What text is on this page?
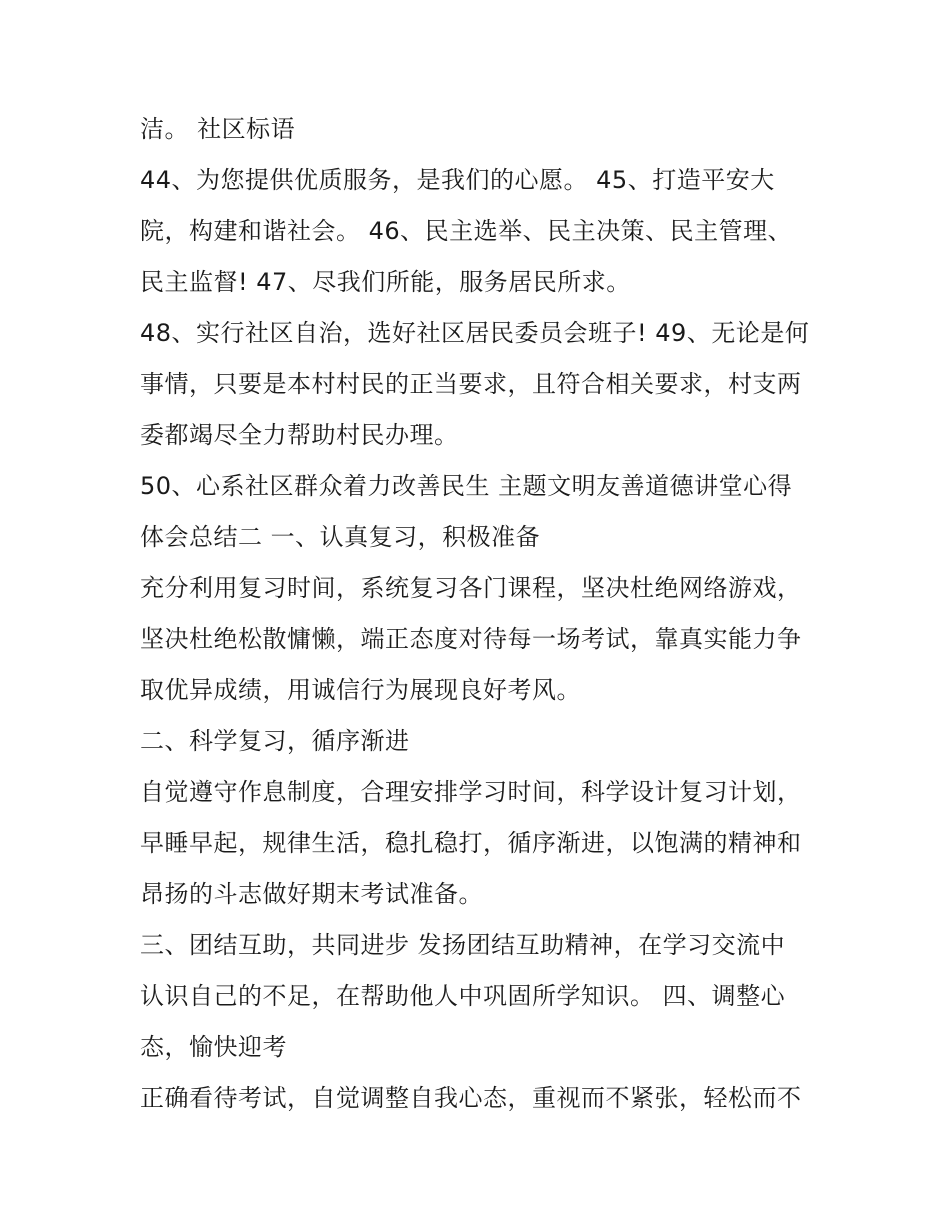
洁。 社区标语
44、为您提供优质服务，是我们的心愿。 45、打造平安大
院，构建和谐社会。 46、民主选举、民主决策、民主管理、
民主监督! 47、尽我们所能，服务居民所求。
48、实行社区自治，选好社区居民委员会班子! 49、无论是何
事情，只要是本村村民的正当要求，且符合相关要求，村支两
委都竭尽全力帮助村民办理。
50、心系社区群众着力改善民生 主题文明友善道德讲堂心得
体会总结二 一、认真复习，积极准备
充分利用复习时间，系统复习各门课程，坚决杜绝网络游戏，
坚决杜绝松散慵懒，端正态度对待每一场考试，靠真实能力争
取优异成绩，用诚信行为展现良好考风。
二、科学复习，循序渐进
自觉遵守作息制度，合理安排学习时间，科学设计复习计划，
早睡早起，规律生活，稳扎稳打，循序渐进，以饱满的精神和
昂扬的斗志做好期末考试准备。
三、团结互助，共同进步 发扬团结互助精神，在学习交流中
认识自己的不足，在帮助他人中巩固所学知识。 四、调整心
态，愉快迎考
正确看待考试，自觉调整自我心态，重视而不紧张，轻松而不
